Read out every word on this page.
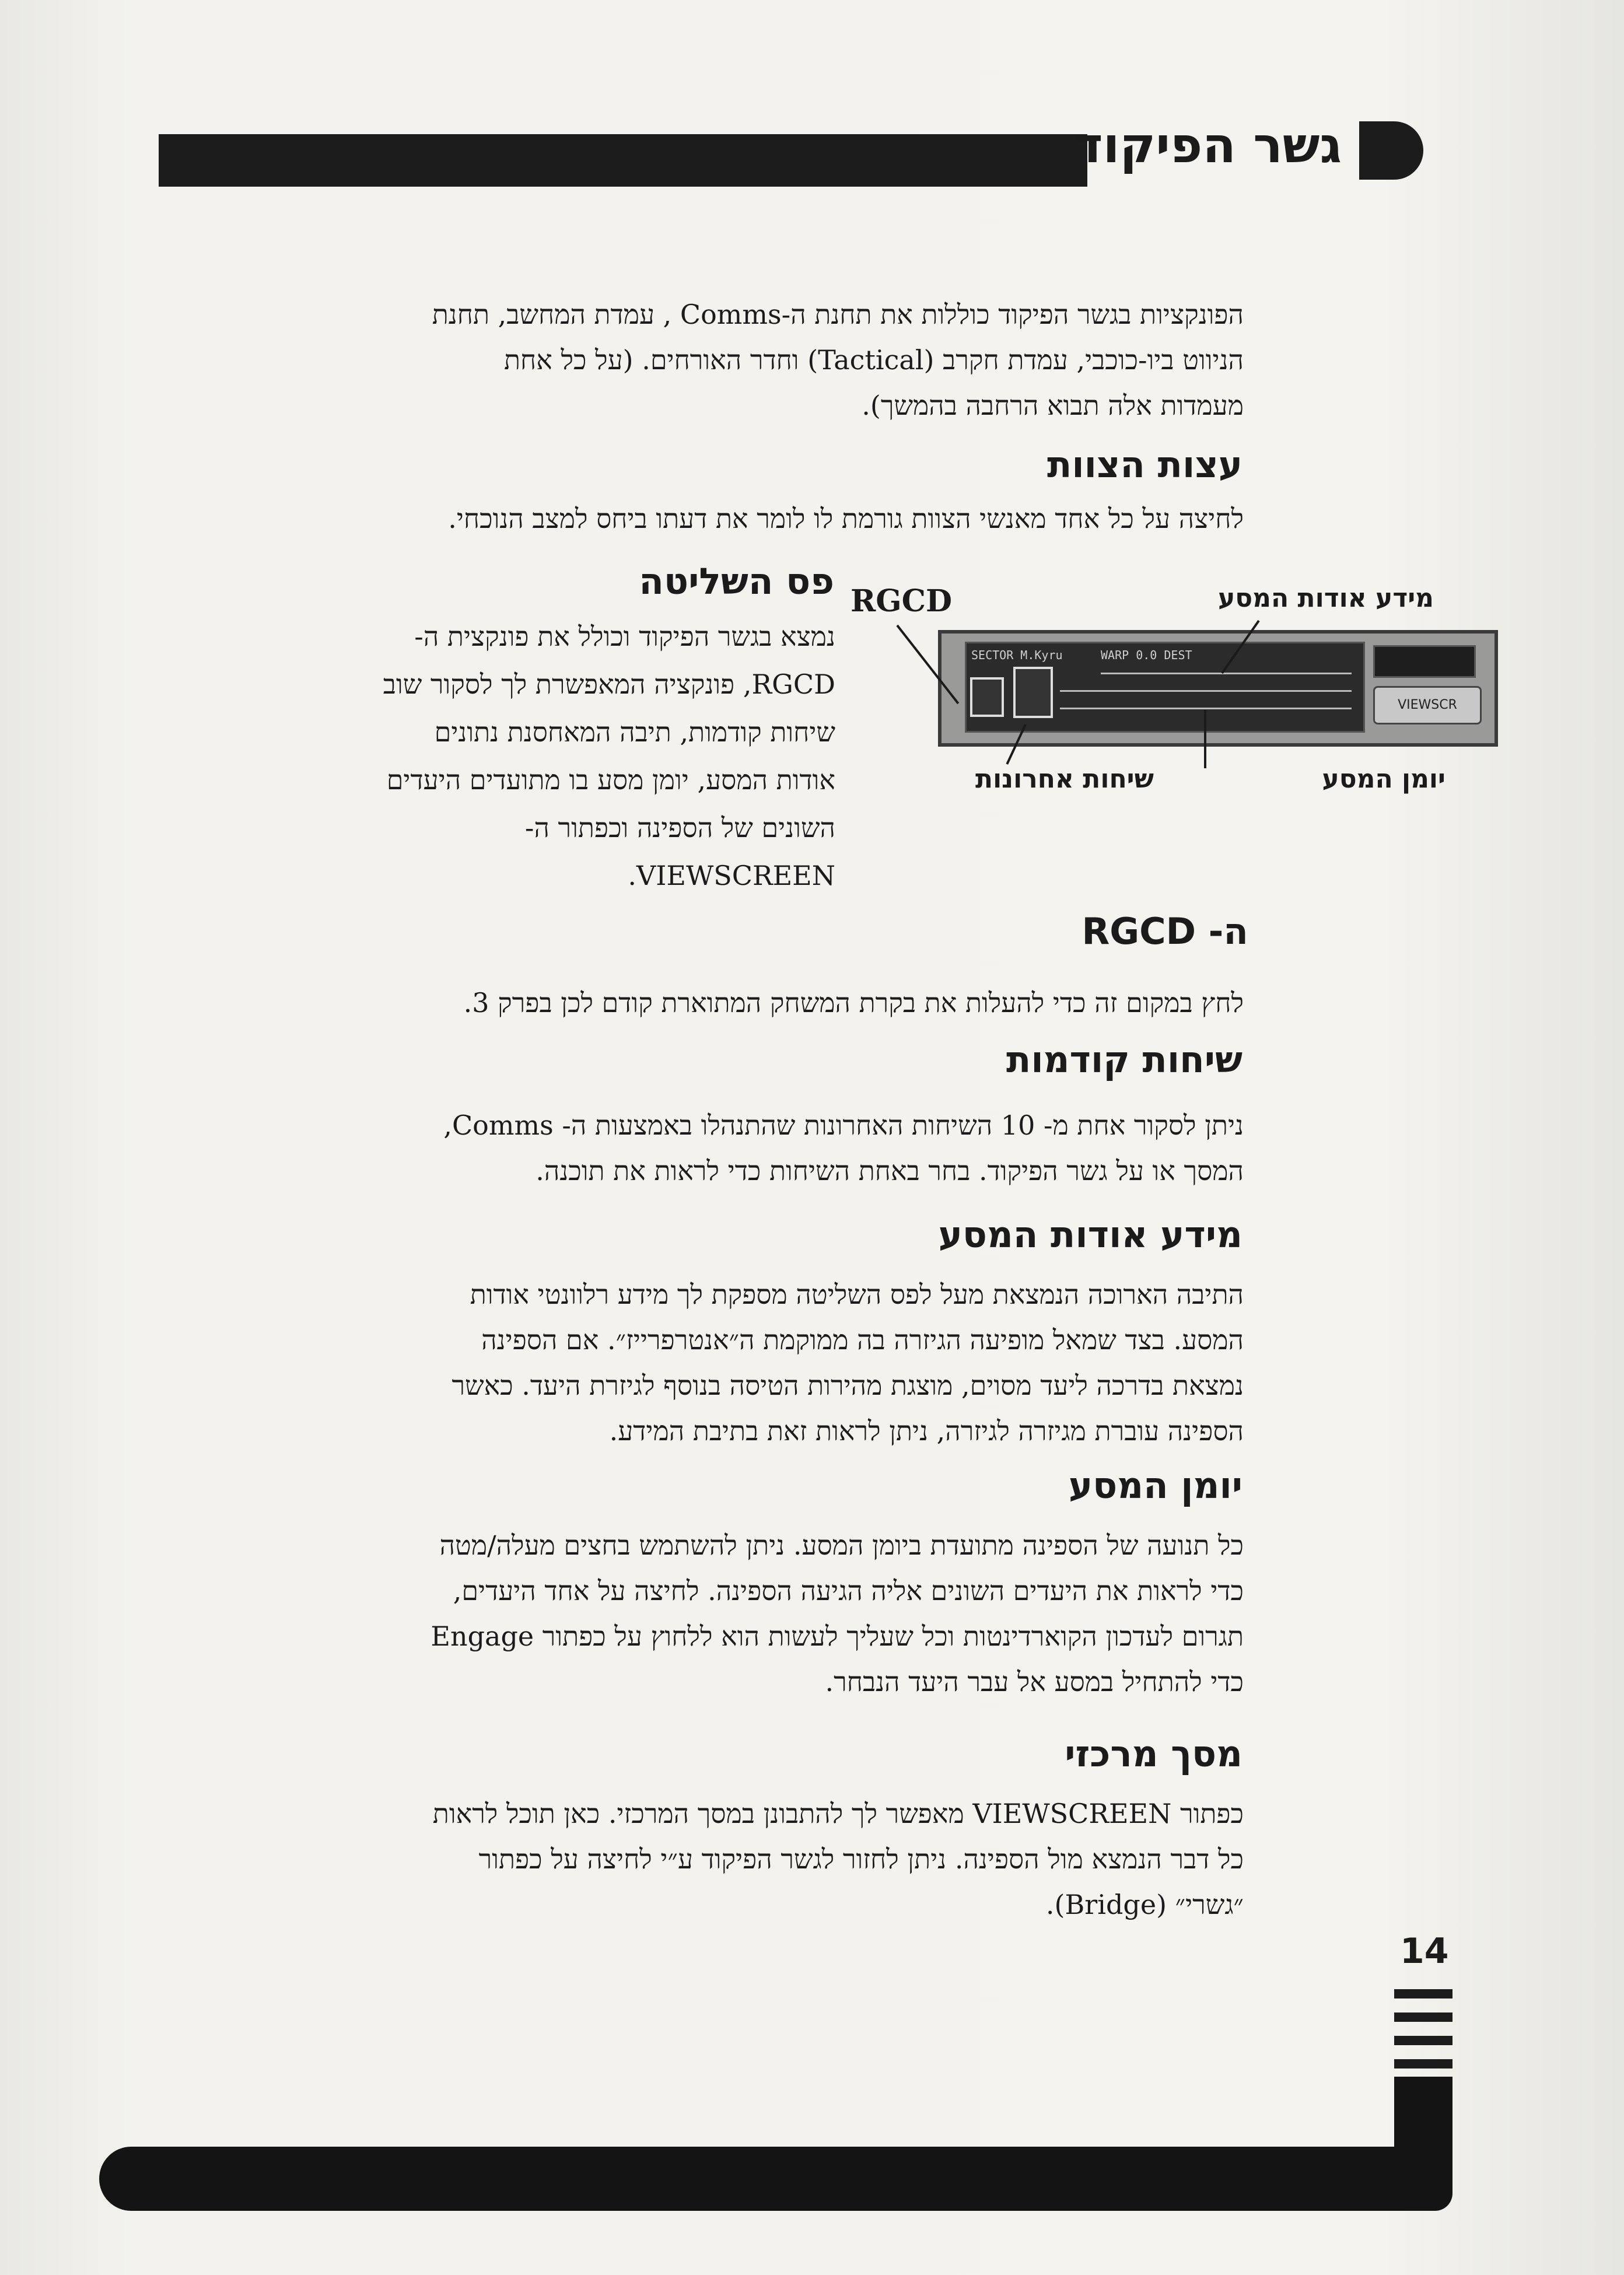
גשר הפיקוד

הפונקציות בגשר הפיקוד כוללות את תחנת ה-Comms , עמדת המחשב, תחנת

הניווט ביו-כוכבי, עמדת חקרב (Tactical) וחדר האורחים. (על כל אחת

מעמדות אלה תבוא הרחבה בהמשך).

עצות הצוות

לחיצה על כל אחד מאנשי הצוות גורמת לו לומר את דעתו ביחס למצב הנוכחי.

פס השליטה

נמצא בגשר הפיקוד וכולל את פונקצית ה-

RGCD, פונקציה המאפשרת לך לסקור שוב

שיחות קודמות, תיבה המאחסנת נתונים

אודות המסע, יומן מסע בו מתועדים היעדים

השונים של הספינה וכפתור ה-

VIEWSCREEN.

RGCD	מידע אודות המסע
SECTOR M.Kyru	WARP 0.0 DEST
VIEWSCR
שיחות אחרונות	יומן המסע
ה- RGCD

לחץ במקום זה כדי להעלות את בקרת המשחק המתוארת קודם לכן בפרק 3.

שיחות קודמות

ניתן לסקור אחת מ- 10 השיחות האחרונות שהתנהלו באמצעות ה- Comms,

המסך או על גשר הפיקוד. בחר באחת השיחות כדי לראות את תוכנה.

מידע אודות המסע

התיבה הארוכה הנמצאת מעל לפס השליטה מספקת לך מידע רלוונטי אודות

המסע. בצד שמאל מופיעה הגיזרה בה ממוקמת ה״אנטרפרייז״. אם הספינה

נמצאת בדרכה ליעד מסוים, מוצגת מהירות הטיסה בנוסף לגיזרת היעד. כאשר

הספינה עוברת מגיזרה לגיזרה, ניתן לראות זאת בתיבת המידע.

יומן המסע

כל תנועה של הספינה מתועדת ביומן המסע. ניתן להשתמש בחצים מעלה/מטה

כדי לראות את היעדים השונים אליה הגיעה הספינה. לחיצה על אחד היעדים,

תגרום לעדכון הקוארדינטות וכל שעליך לעשות הוא ללחוץ על כפתור Engage

כדי להתחיל במסע אל עבר היעד הנבחר.

מסך מרכזי

כפתור VIEWSCREEN מאפשר לך להתבונן במסך המרכזי. כאן תוכל לראות

כל דבר הנמצא מול הספינה. ניתן לחזור לגשר הפיקוד ע״י לחיצה על כפתור

״גשרי״ (Bridge).

14
